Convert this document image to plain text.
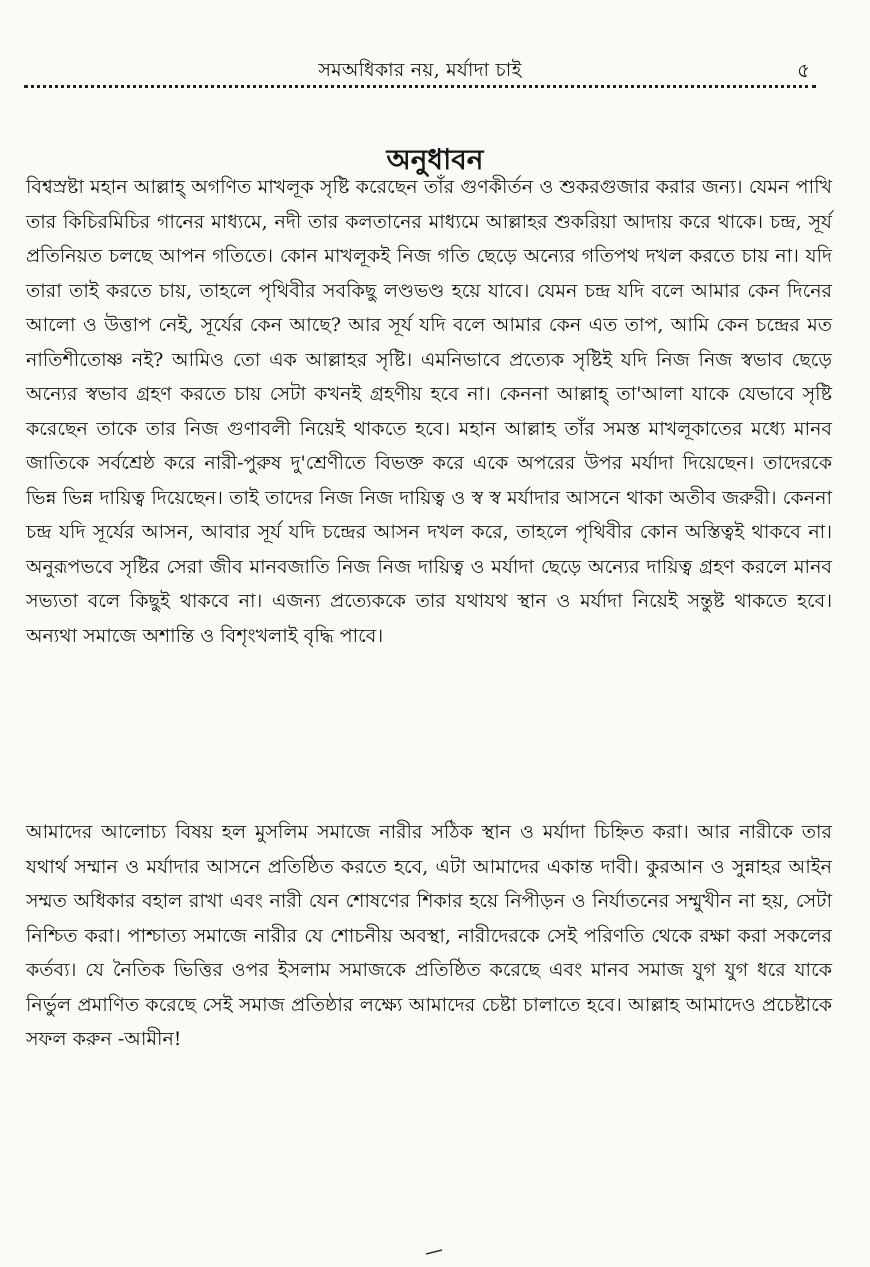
সমঅধিকার নয়, মর্যাদা চাই	৫
অনুধাবন

বিশ্বস্রষ্টা মহান আল্লাহ্ অগণিত মাখলূক সৃষ্টি করেছেন তাঁর গুণকীর্তন ও শুকরগুজার করার জন্য। যেমন পাখি তার কিচিরমিচির গানের মাধ্যমে, নদী তার কলতানের মাধ্যমে আল্লাহর শুকরিয়া আদায় করে থাকে। চন্দ্র, সূর্য প্রতিনিয়ত চলছে আপন গতিতে। কোন মাখলূকই নিজ গতি ছেড়ে অন্যের গতিপথ দখল করতে চায় না। যদি তারা তাই করতে চায়, তাহলে পৃথিবীর সবকিছু লণ্ডভণ্ড হয়ে যাবে। যেমন চন্দ্র যদি বলে আমার কেন দিনের আলো ও উত্তাপ নেই, সূর্যের কেন আছে? আর সূর্য যদি বলে আমার কেন এত তাপ, আমি কেন চন্দ্রের মত নাতিশীতোষ্ণ নই? আমিও তো এক আল্লাহর সৃষ্টি। এমনিভাবে প্রত্যেক সৃষ্টিই যদি নিজ নিজ স্বভাব ছেড়ে অন্যের স্বভাব গ্রহণ করতে চায় সেটা কখনই গ্রহণীয় হবে না। কেননা আল্লাহ্ তা'আলা যাকে যেভাবে সৃষ্টি করেছেন তাকে তার নিজ গুণাবলী নিয়েই থাকতে হবে। মহান আল্লাহ তাঁর সমস্ত মাখলূকাতের মধ্যে মানব জাতিকে সর্বশ্রেষ্ঠ করে নারী-পুরুষ দু'শ্রেণীতে বিভক্ত করে একে অপরের উপর মর্যাদা দিয়েছেন। তাদেরকে ভিন্ন ভিন্ন দায়িত্ব দিয়েছেন। তাই তাদের নিজ নিজ দায়িত্ব ও স্ব স্ব মর্যাদার আসনে থাকা অতীব জরুরী। কেননা চন্দ্র যদি সূর্যের আসন, আবার সূর্য যদি চন্দ্রের আসন দখল করে, তাহলে পৃথিবীর কোন অস্তিত্বই থাকবে না। অনুরূপভবে সৃষ্টির সেরা জীব মানবজাতি নিজ নিজ দায়িত্ব ও মর্যাদা ছেড়ে অন্যের দায়িত্ব গ্রহণ করলে মানব সভ্যতা বলে কিছুই থাকবে না। এজন্য প্রত্যেককে তার যথাযথ স্থান ও মর্যাদা নিয়েই সন্তুষ্ট থাকতে হবে। অন্যথা সমাজে অশান্তি ও বিশৃংখলাই বৃদ্ধি পাবে।

আমাদের আলোচ্য বিষয় হল মুসলিম সমাজে নারীর সঠিক স্থান ও মর্যাদা চিহ্নিত করা। আর নারীকে তার যথার্থ সম্মান ও মর্যাদার আসনে প্রতিষ্ঠিত করতে হবে, এটা আমাদের একান্ত দাবী। কুরআন ও সুন্নাহর আইন সম্মত অধিকার বহাল রাখা এবং নারী যেন শোষণের শিকার হয়ে নিপীড়ন ও নির্যাতনের সম্মুখীন না হয়, সেটা নিশ্চিত করা। পাশ্চাত্য সমাজে নারীর যে শোচনীয় অবস্থা, নারীদেরকে সেই পরিণতি থেকে রক্ষা করা সকলের কর্তব্য। যে নৈতিক ভিত্তির ওপর ইসলাম সমাজকে প্রতিষ্ঠিত করেছে এবং মানব সমাজ যুগ যুগ ধরে যাকে নির্ভুল প্রমাণিত করেছে সেই সমাজ প্রতিষ্ঠার লক্ষ্যে আমাদের চেষ্টা চালাতে হবে। আল্লাহ আমাদেও প্রচেষ্টাকে সফল করুন -আমীন!
